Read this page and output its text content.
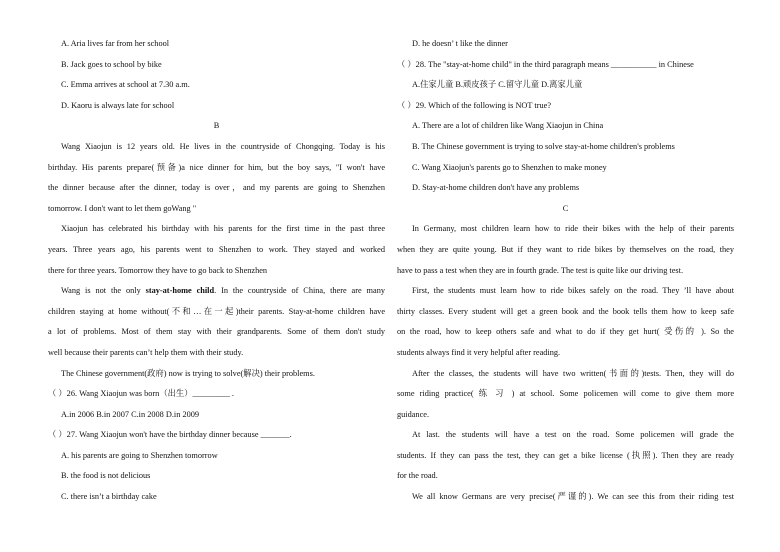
A. Aria lives far from her school
B. Jack goes to school by bike
C. Emma arrives at school at 7.30 a.m.
D. Kaoru is always late for school
B
Wang Xiaojun is 12 years old. He lives in the countryside of Chongqing. Today is his
birthday. His parents prepare(预备)a nice dinner for him, but the boy says, "I won't have
the dinner because after the dinner, today is over，and my parents are going to Shenzhen
tomorrow. I don't want to let them goWang "
Xiaojun has celebrated his birthday with his parents for the first time in the past three
years. Three years ago, his parents went to Shenzhen to work. They stayed and worked
there for three years. Tomorrow they have to go back to Shenzhen
Wang is not the only stay-at-home child. In the countryside of China, there are many
children staying at home without(不和…在一起)their parents. Stay-at-home children have
a lot of problems. Most of them stay with their grandparents. Some of them don't study
well because their parents can’t help them with their study.
The Chinese government(政府) now is trying to solve(解决) their problems.
（ ）26. Wang Xiaojun was born（出生）_________ .
A.in 2006 B.in 2007 C.in 2008 D.in 2009
（ ）27. Wang Xiaojun won't have the birthday dinner because _______.
A. his parents are going to Shenzhen tomorrow
B. the food is not delicious
C. there isn’t a birthday cake
D. he doesn’ t like the dinner
（ ）28. The "stay-at-home child" in the third paragraph means ___________ in Chinese
A.住家儿童 B.顽皮孩子 C.留守儿童 D.离家儿童
（ ）29. Which of the following is NOT true?
A. There are a lot of children like Wang Xiaojun in China
B. The Chinese government is trying to solve stay-at-home children's problems
C. Wang Xiaojun's parents go to Shenzhen to make money
D. Stay-at-home children don't have any problems
C
In Germany, most children learn how to ride their bikes with the help of their parents
when they are quite young. But if they want to ride bikes by themselves on the road, they
have to pass a test when they are in fourth grade. The test is quite like our driving test.
First, the students must learn how to ride bikes safely on the road. They ’ll have about
thirty classes. Every student will get a green book and the book tells them how to keep safe
on the road, how to keep others safe and what to do if they get hurt( 受伤的 ). So the
students always find it very helpful after reading.
After the classes, the students will have two written(书面的)tests. Then, they will do
some riding practice( 练 习 ) at school. Some policemen will come to give them more
guidance.
At last. the students will have a test on the road. Some policemen will grade the
students. If they can pass the test, they can get a bike license (执照). Then they are ready
for the road.
We all know Germans are very precise(严谨的). We can see this from their riding test
